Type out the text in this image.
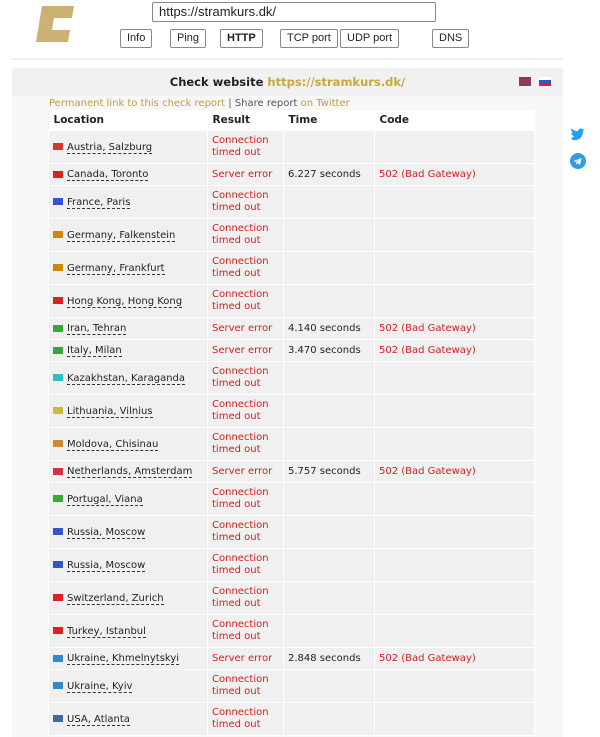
https://stramkurs.dk/
Info	Ping	HTTP	TCP port	UDP port	DNS
Check website https://stramkurs.dk/
Permanent link to this check report | Share report on Twitter
Location	Result	Time	Code
Austria, Salzburg	Connection timed out		
Canada, Toronto	Server error	6.227 seconds	502 (Bad Gateway)
France, Paris	Connection timed out		
Germany, Falkenstein	Connection timed out		
Germany, Frankfurt	Connection timed out		
Hong Kong, Hong Kong	Connection timed out		
Iran, Tehran	Server error	4.140 seconds	502 (Bad Gateway)
Italy, Milan	Server error	3.470 seconds	502 (Bad Gateway)
Kazakhstan, Karaganda	Connection timed out		
Lithuania, Vilnius	Connection timed out		
Moldova, Chisinau	Connection timed out		
Netherlands, Amsterdam	Server error	5.757 seconds	502 (Bad Gateway)
Portugal, Viana	Connection timed out		
Russia, Moscow	Connection timed out		
Russia, Moscow	Connection timed out		
Switzerland, Zurich	Connection timed out		
Turkey, Istanbul	Connection timed out		
Ukraine, Khmelnytskyi	Server error	2.848 seconds	502 (Bad Gateway)
Ukraine, Kyiv	Connection timed out		
USA, Atlanta	Connection timed out		
